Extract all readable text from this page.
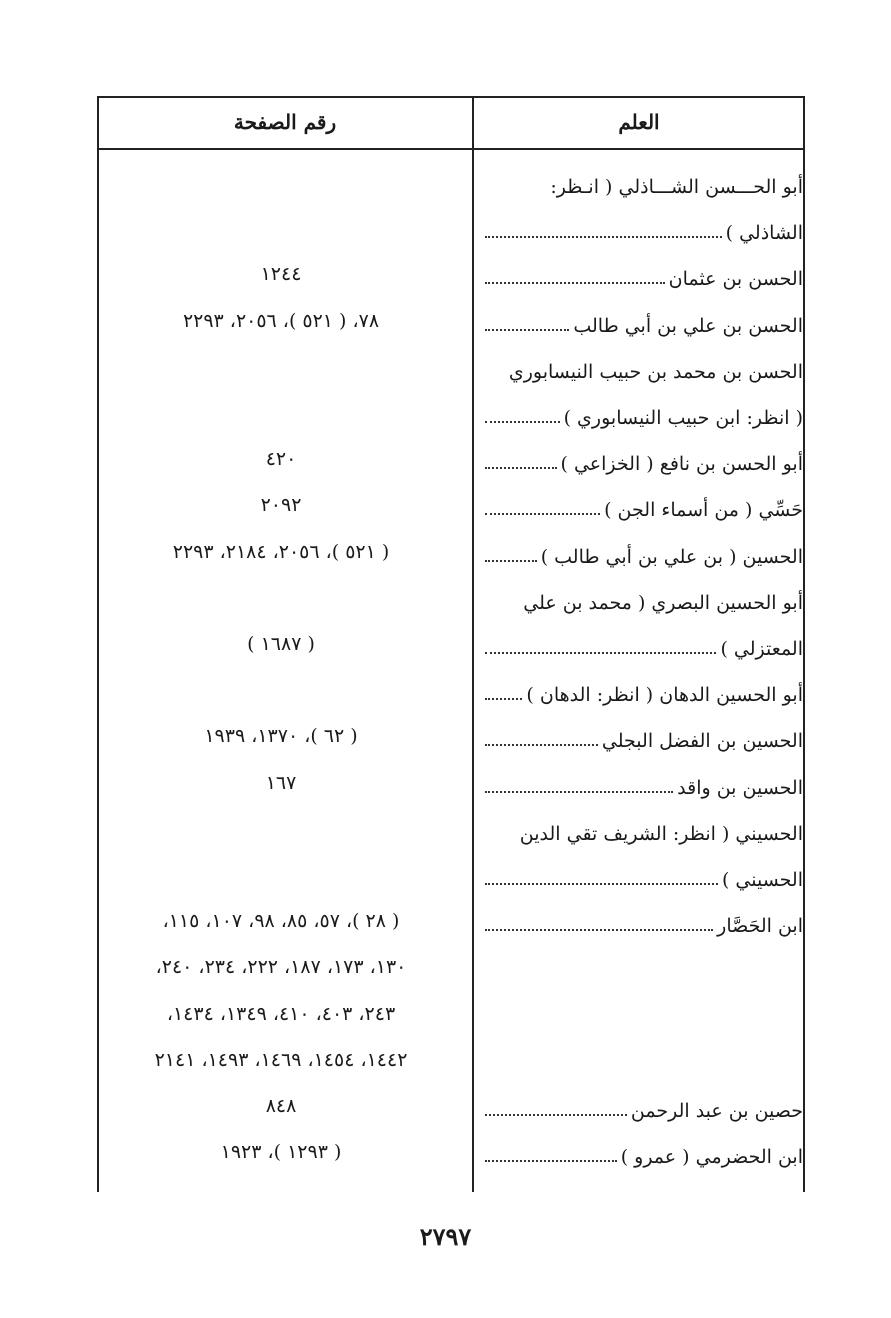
العلم
رقم الصفحة
أبو الحـــسن الشـــاذلي ( انـظر:
الشاذلي )
الحسن بن عثمان
١٢٤٤
الحسن بن علي بن أبي طالب
٧٨، ( ٥٢١ )، ٢٠٥٦، ٢٢٩٣
الحسن بن محمد بن حبيب النيسابوري
( انظر: ابن حبيب النيسابوري )
أبو الحسن بن نافع ( الخزاعي )
٤٢٠
حَسِّي ( من أسماء الجن )
٢٠٩٢
الحسين ( بن علي بن أبي طالب )
( ٥٢١ )، ٢٠٥٦، ٢١٨٤، ٢٢٩٣
أبو الحسين البصري ( محمد بن علي
المعتزلي )
( ١٦٨٧ )
أبو الحسين الدهان ( انظر: الدهان )
الحسين بن الفضل البجلي
( ٦٢ )، ١٣٧٠، ١٩٣٩
الحسين بن واقد
١٦٧
الحسيني ( انظر: الشريف تقي الدين
الحسيني )
ابن الحَصَّار
( ٢٨ )، ٥٧، ٨٥، ٩٨، ١٠٧، ١١٥،
١٣٠، ١٧٣، ١٨٧، ٢٢٢، ٢٣٤، ٢٤٠،
٢٤٣، ٤٠٣، ٤١٠، ١٣٤٩، ١٤٣٤،
١٤٤٢، ١٤٥٤، ١٤٦٩، ١٤٩٣، ٢١٤١
حصين بن عبد الرحمن
٨٤٨
ابن الحضرمي ( عمرو )
( ١٢٩٣ )، ١٩٢٣
٢٧٩٧
